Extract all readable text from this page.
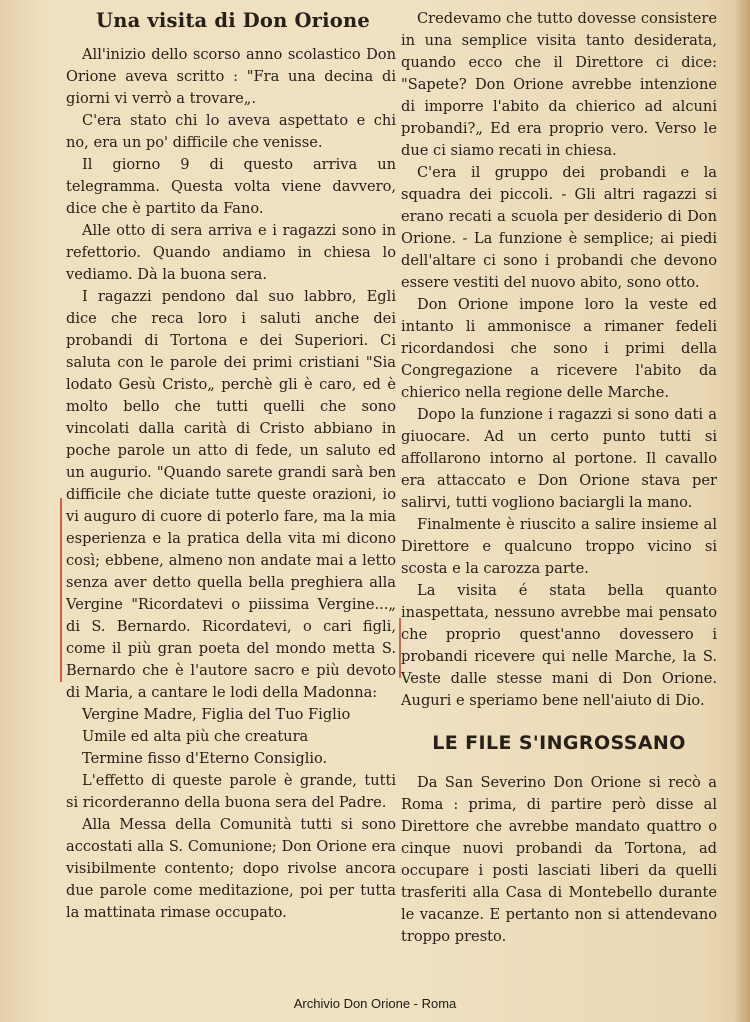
Una visita di Don Orione

All'inizio dello scorso anno scolastico Don Orione aveva scritto : "Fra una decina di giorni vi verrò a trovare„.

C'era stato chi lo aveva aspettato e chi no, era un po' difficile che venisse.

Il giorno 9 di questo arriva un telegramma. Questa volta viene davvero, dice che è partito da Fano.

Alle otto di sera arriva e i ragazzi sono in refettorio. Quando andiamo in chiesa lo vediamo. Dà la buona sera.

I ragazzi pendono dal suo labbro, Egli dice che reca loro i saluti anche dei probandi di Tortona e dei Superiori. Ci saluta con le parole dei primi cristiani "Sia lodato Gesù Cristo„ perchè gli è caro, ed è molto bello che tutti quelli che sono vincolati dalla carità di Cristo abbiano in poche parole un atto di fede, un saluto ed un augurio. "Quando sarete grandi sarà ben difficile che diciate tutte queste orazioni, io vi auguro di cuore di poterlo fare, ma la mia esperienza e la pratica della vita mi dicono così; ebbene, almeno non andate mai a letto senza aver detto quella bella preghiera alla Vergine "Ricordatevi o piissima Vergine...„ di S. Bernardo. Ricordatevi, o cari figli, come il più gran poeta del mondo metta S. Bernardo che è l'autore sacro e più devoto di Maria, a cantare le lodi della Madonna:

Vergine Madre, Figlia del Tuo Figlio
Umile ed alta più che creatura
Termine fisso d'Eterno Consiglio.

L'effetto di queste parole è grande, tutti si ricorderanno della buona sera del Padre.

Alla Messa della Comunità tutti si sono accostati alla S. Comunione; Don Orione era visibilmente contento; dopo rivolse ancora due parole come meditazione, poi per tutta la mattinata rimase occupato.

Credevamo che tutto dovesse consistere in una semplice visita tanto desiderata, quando ecco che il Direttore ci dice: "Sapete? Don Orione avrebbe intenzione di imporre l'abito da chierico ad alcuni probandi?„ Ed era proprio vero. Verso le due ci siamo recati in chiesa.

C'era il gruppo dei probandi e la squadra dei piccoli. - Gli altri ragazzi si erano recati a scuola per desiderio di Don Orione. - La funzione è semplice; ai piedi dell'altare ci sono i probandi che devono essere vestiti del nuovo abito, sono otto.

Don Orione impone loro la veste ed intanto li ammonisce a rimaner fedeli ricordandosi che sono i primi della Congregazione a ricevere l'abito da chierico nella regione delle Marche.

Dopo la funzione i ragazzi si sono dati a giuocare. Ad un certo punto tutti si affollarono intorno al portone. Il cavallo era attaccato e Don Orione stava per salirvi, tutti vogliono baciargli la mano.

Finalmente è riuscito a salire insieme al Direttore e qualcuno troppo vicino si scosta e la carozza parte.

La visita é stata bella quanto inaspettata, nessuno avrebbe mai pensato che proprio quest'anno dovessero i probandi ricevere qui nelle Marche, la S. Veste dalle stesse mani di Don Orione. Auguri e speriamo bene nell'aiuto di Dio.

LE FILE S'INGROSSANO

Da San Severino Don Orione si recò a Roma : prima, di partire però disse al Direttore che avrebbe mandato quattro o cinque nuovi probandi da Tortona, ad occupare i posti lasciati liberi da quelli trasferiti alla Casa di Montebello durante le vacanze. E pertanto non si attendevano troppo presto.

Archivio Don Orione - Roma
